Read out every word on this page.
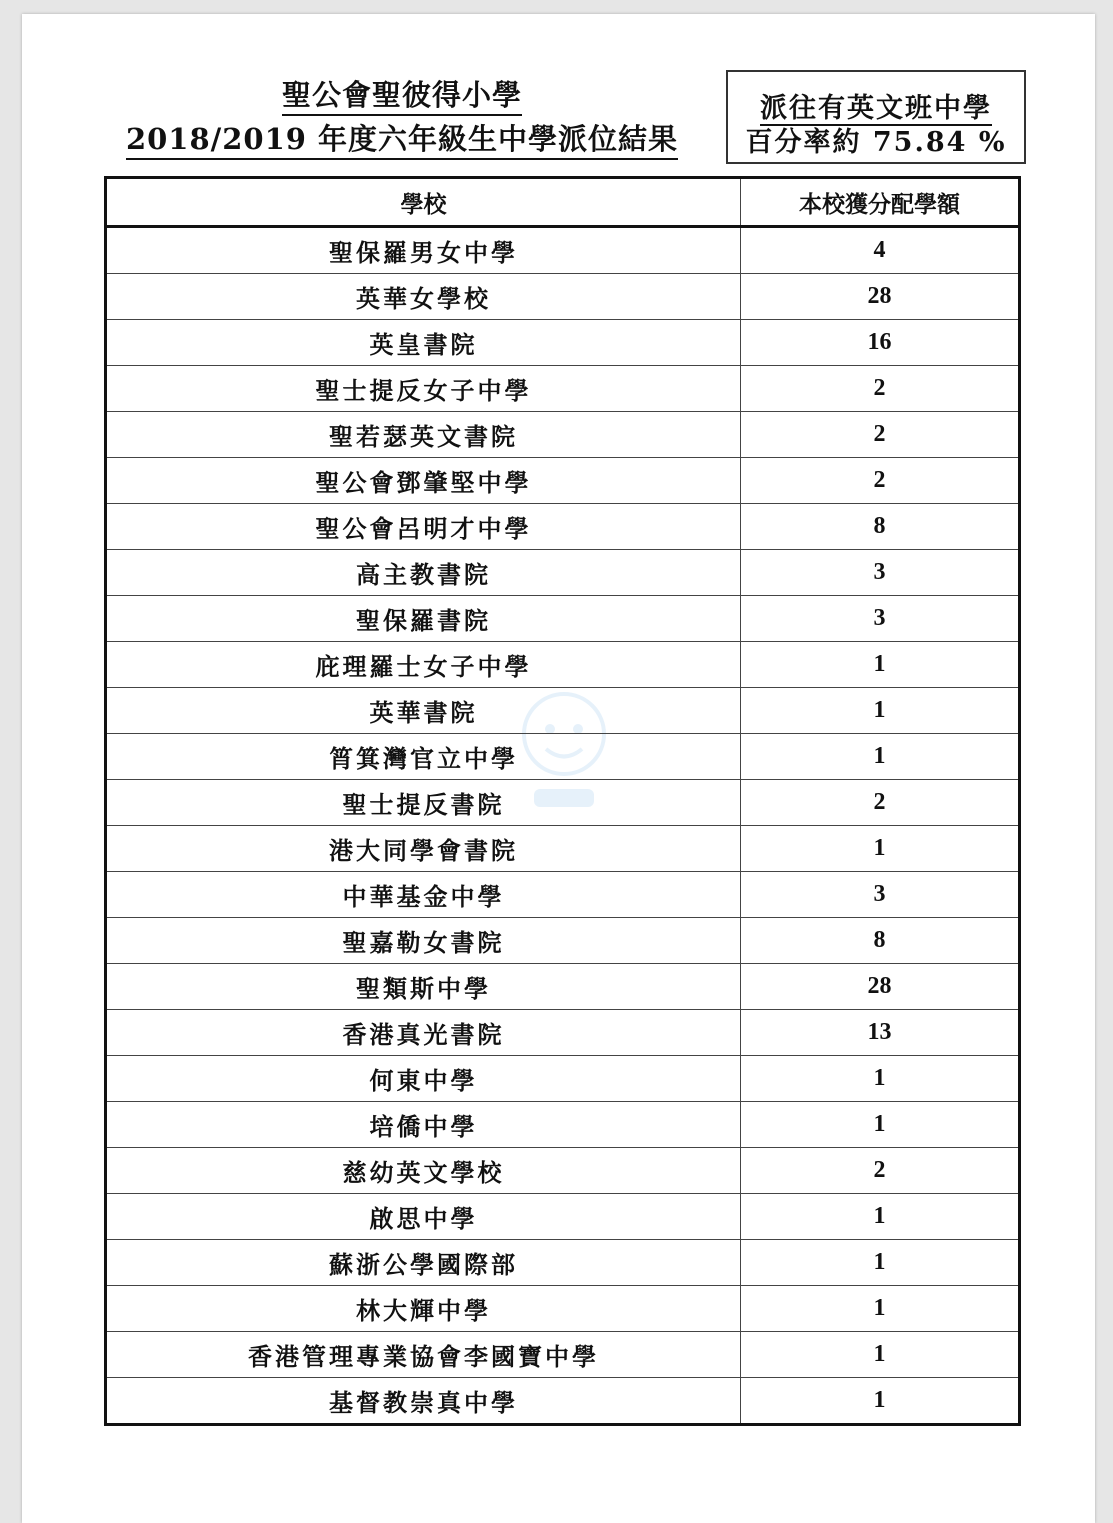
聖公會聖彼得小學
2018/2019 年度六年級生中學派位結果
派往有英文班中學
百分率約 75.84 %
學校	本校獲分配學額
聖保羅男女中學	4
英華女學校	28
英皇書院	16
聖士提反女子中學	2
聖若瑟英文書院	2
聖公會鄧肇堅中學	2
聖公會呂明才中學	8
高主教書院	3
聖保羅書院	3
庇理羅士女子中學	1
英華書院	1
筲箕灣官立中學	1
聖士提反書院	2
港大同學會書院	1
中華基金中學	3
聖嘉勒女書院	8
聖類斯中學	28
香港真光書院	13
何東中學	1
培僑中學	1
慈幼英文學校	2
啟思中學	1
蘇浙公學國際部	1
林大輝中學	1
香港管理專業協會李國寶中學	1
基督教崇真中學	1
